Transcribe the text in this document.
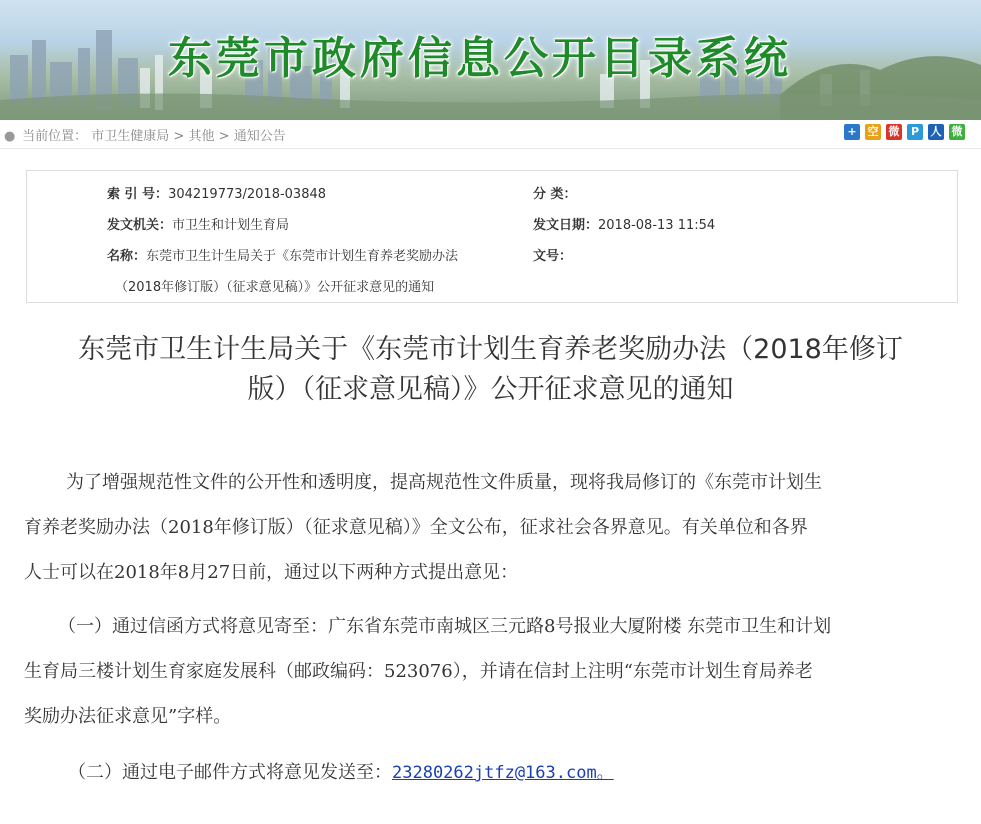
东莞市政府信息公开目录系统
● 当前位置： 市卫生健康局 > 其他 > 通知公告	+ 空 微	P	人 微
索 引 号：304219773/2018-03848	分 类：
发文机关：市卫生和计划生育局	发文日期：2018-08-13 11:54
名称：东莞市卫生计生局关于《东莞市计划生育养老奖励办法
（2018年修订版）（征求意见稿）》公开征求意见的通知
文号：
东莞市卫生计生局关于《东莞市计划生育养老奖励办法（2018年修订
版）（征求意见稿）》公开征求意见的通知
为了增强规范性文件的公开性和透明度，提高规范性文件质量，现将我局修订的《东莞市计划生
育养老奖励办法（2018年修订版）（征求意见稿）》全文公布，征求社会各界意见。有关单位和各界
人士可以在2018年8月27日前，通过以下两种方式提出意见：
（一）通过信函方式将意见寄至：广东省东莞市南城区三元路8号报业大厦附楼 东莞市卫生和计划
生育局三楼计划生育家庭发展科（邮政编码：523076），并请在信封上注明“东莞市计划生育局养老
奖励办法征求意见”字样。
（二）通过电子邮件方式将意见发送至：23280262jtfz@163.com。
